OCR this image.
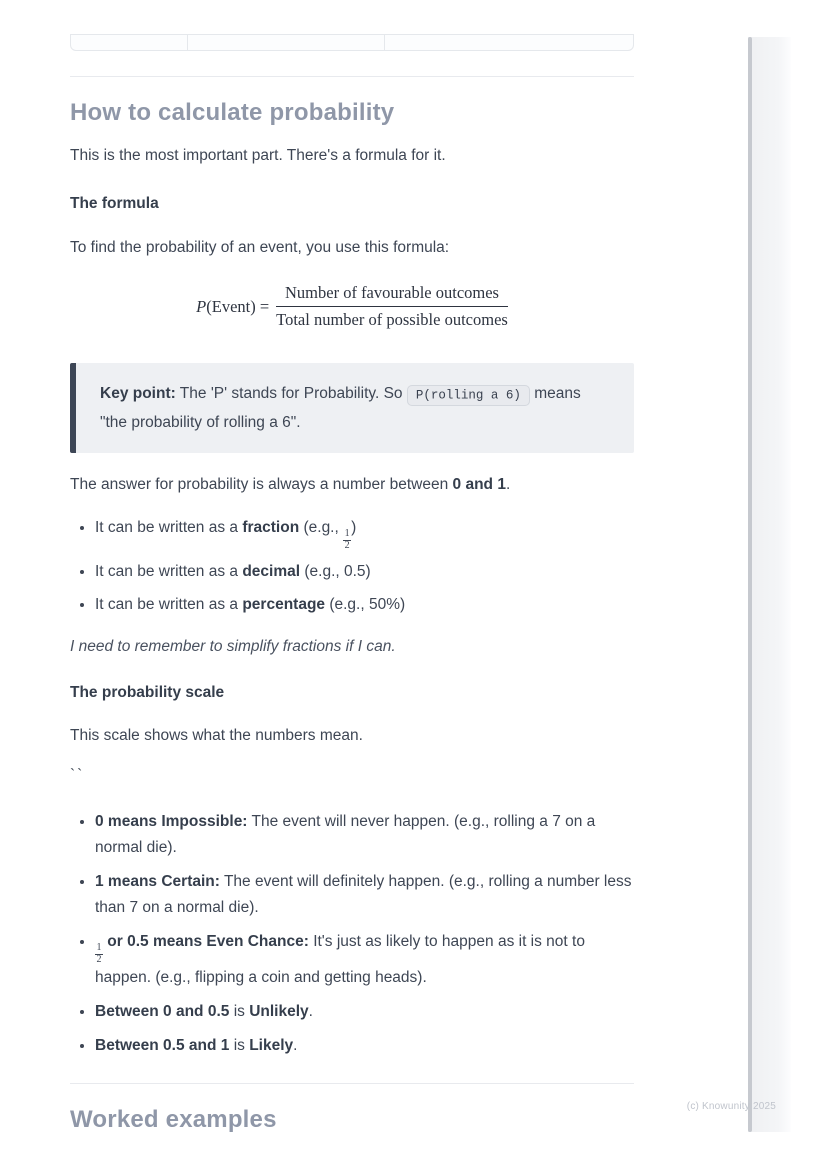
How to calculate probability

This is the most important part. There's a formula for it.

The formula

To find the probability of an event, you use this formula:

P(Event) = $\frac{\text{Number of favourable outcomes}}{\text{Total number of possible outcomes}}$

Key point: The 'P' stands for Probability. So P(rolling a 6) means "the probability of rolling a 6".

The answer for probability is always a number between 0 and 1.

• It can be written as a fraction (e.g.,
$\frac{1}{2}$
)
• It can be written as a decimal (e.g., 0.5)
• It can be written as a percentage (e.g., 50%)

I need to remember to simplify fractions if I can.

The probability scale

This scale shows what the numbers mean.

``

• 0 means Impossible: The event will never happen. (e.g., rolling a 7 on a normal die).
• 1 means Certain: The event will definitely happen. (e.g., rolling a number less than 7 on a normal die).
• $\frac{1}{2}$
or 0.5 means Even Chance: It's just as likely to happen as it is not to happen. (e.g., flipping a coin and getting heads).
• Between 0 and 0.5 is Unlikely.
• Between 0.5 and 1 is Likely.
Worked examples	(c) Knowunity 2025
